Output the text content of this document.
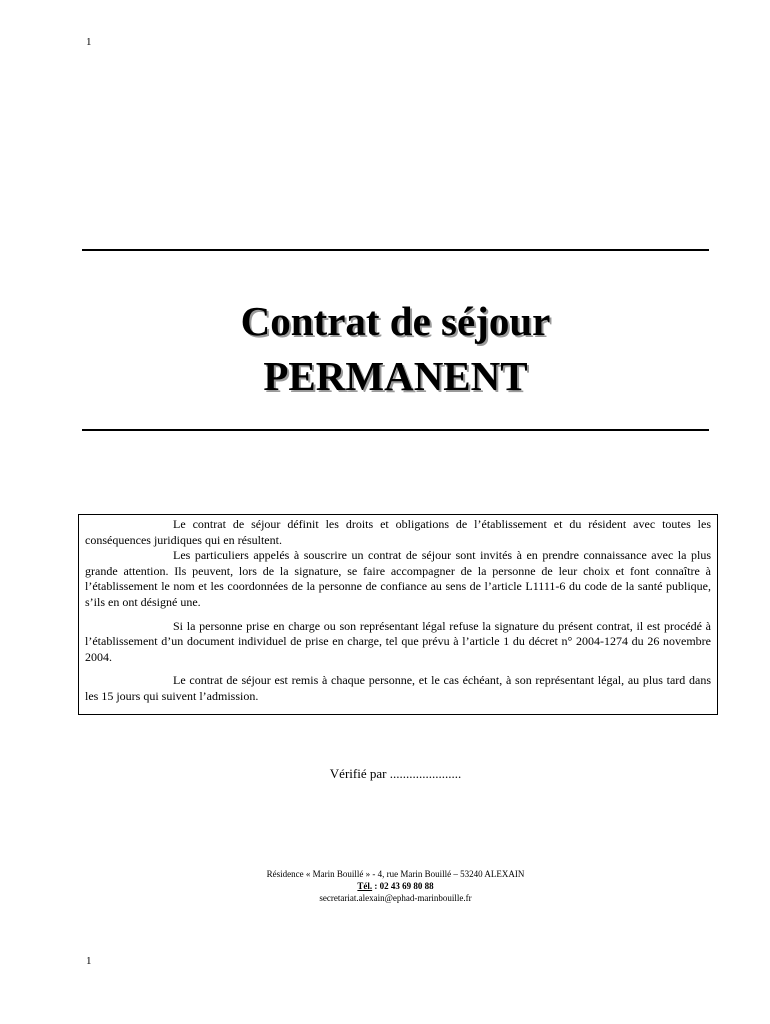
1
Contrat de séjour
PERMANENT

Le contrat de séjour définit les droits et obligations de l’établissement et du résident avec toutes les conséquences juridiques qui en résultent.

Les particuliers appelés à souscrire un contrat de séjour sont invités à en prendre connaissance avec la plus grande attention. Ils peuvent, lors de la signature, se faire accompagner de la personne de leur choix et font connaître à l’établissement le nom et les coordonnées de la personne de confiance au sens de l’article L1111-6 du code de la santé publique, s’ils en ont désigné une.

Si la personne prise en charge ou son représentant légal refuse la signature du présent contrat, il est procédé à l’établissement d’un document individuel de prise en charge, tel que prévu à l’article 1 du décret n° 2004-1274 du 26 novembre 2004.

Le contrat de séjour est remis à chaque personne, et le cas échéant, à son représentant légal, au plus tard dans les 15 jours qui suivent l’admission.

Vérifié par ......................
Résidence « Marin Bouillé » - 4, rue Marin Bouillé – 53240 ALEXAIN
Tél. : 02 43 69 80 88
secretariat.alexain@ephad-marinbouille.fr
1
